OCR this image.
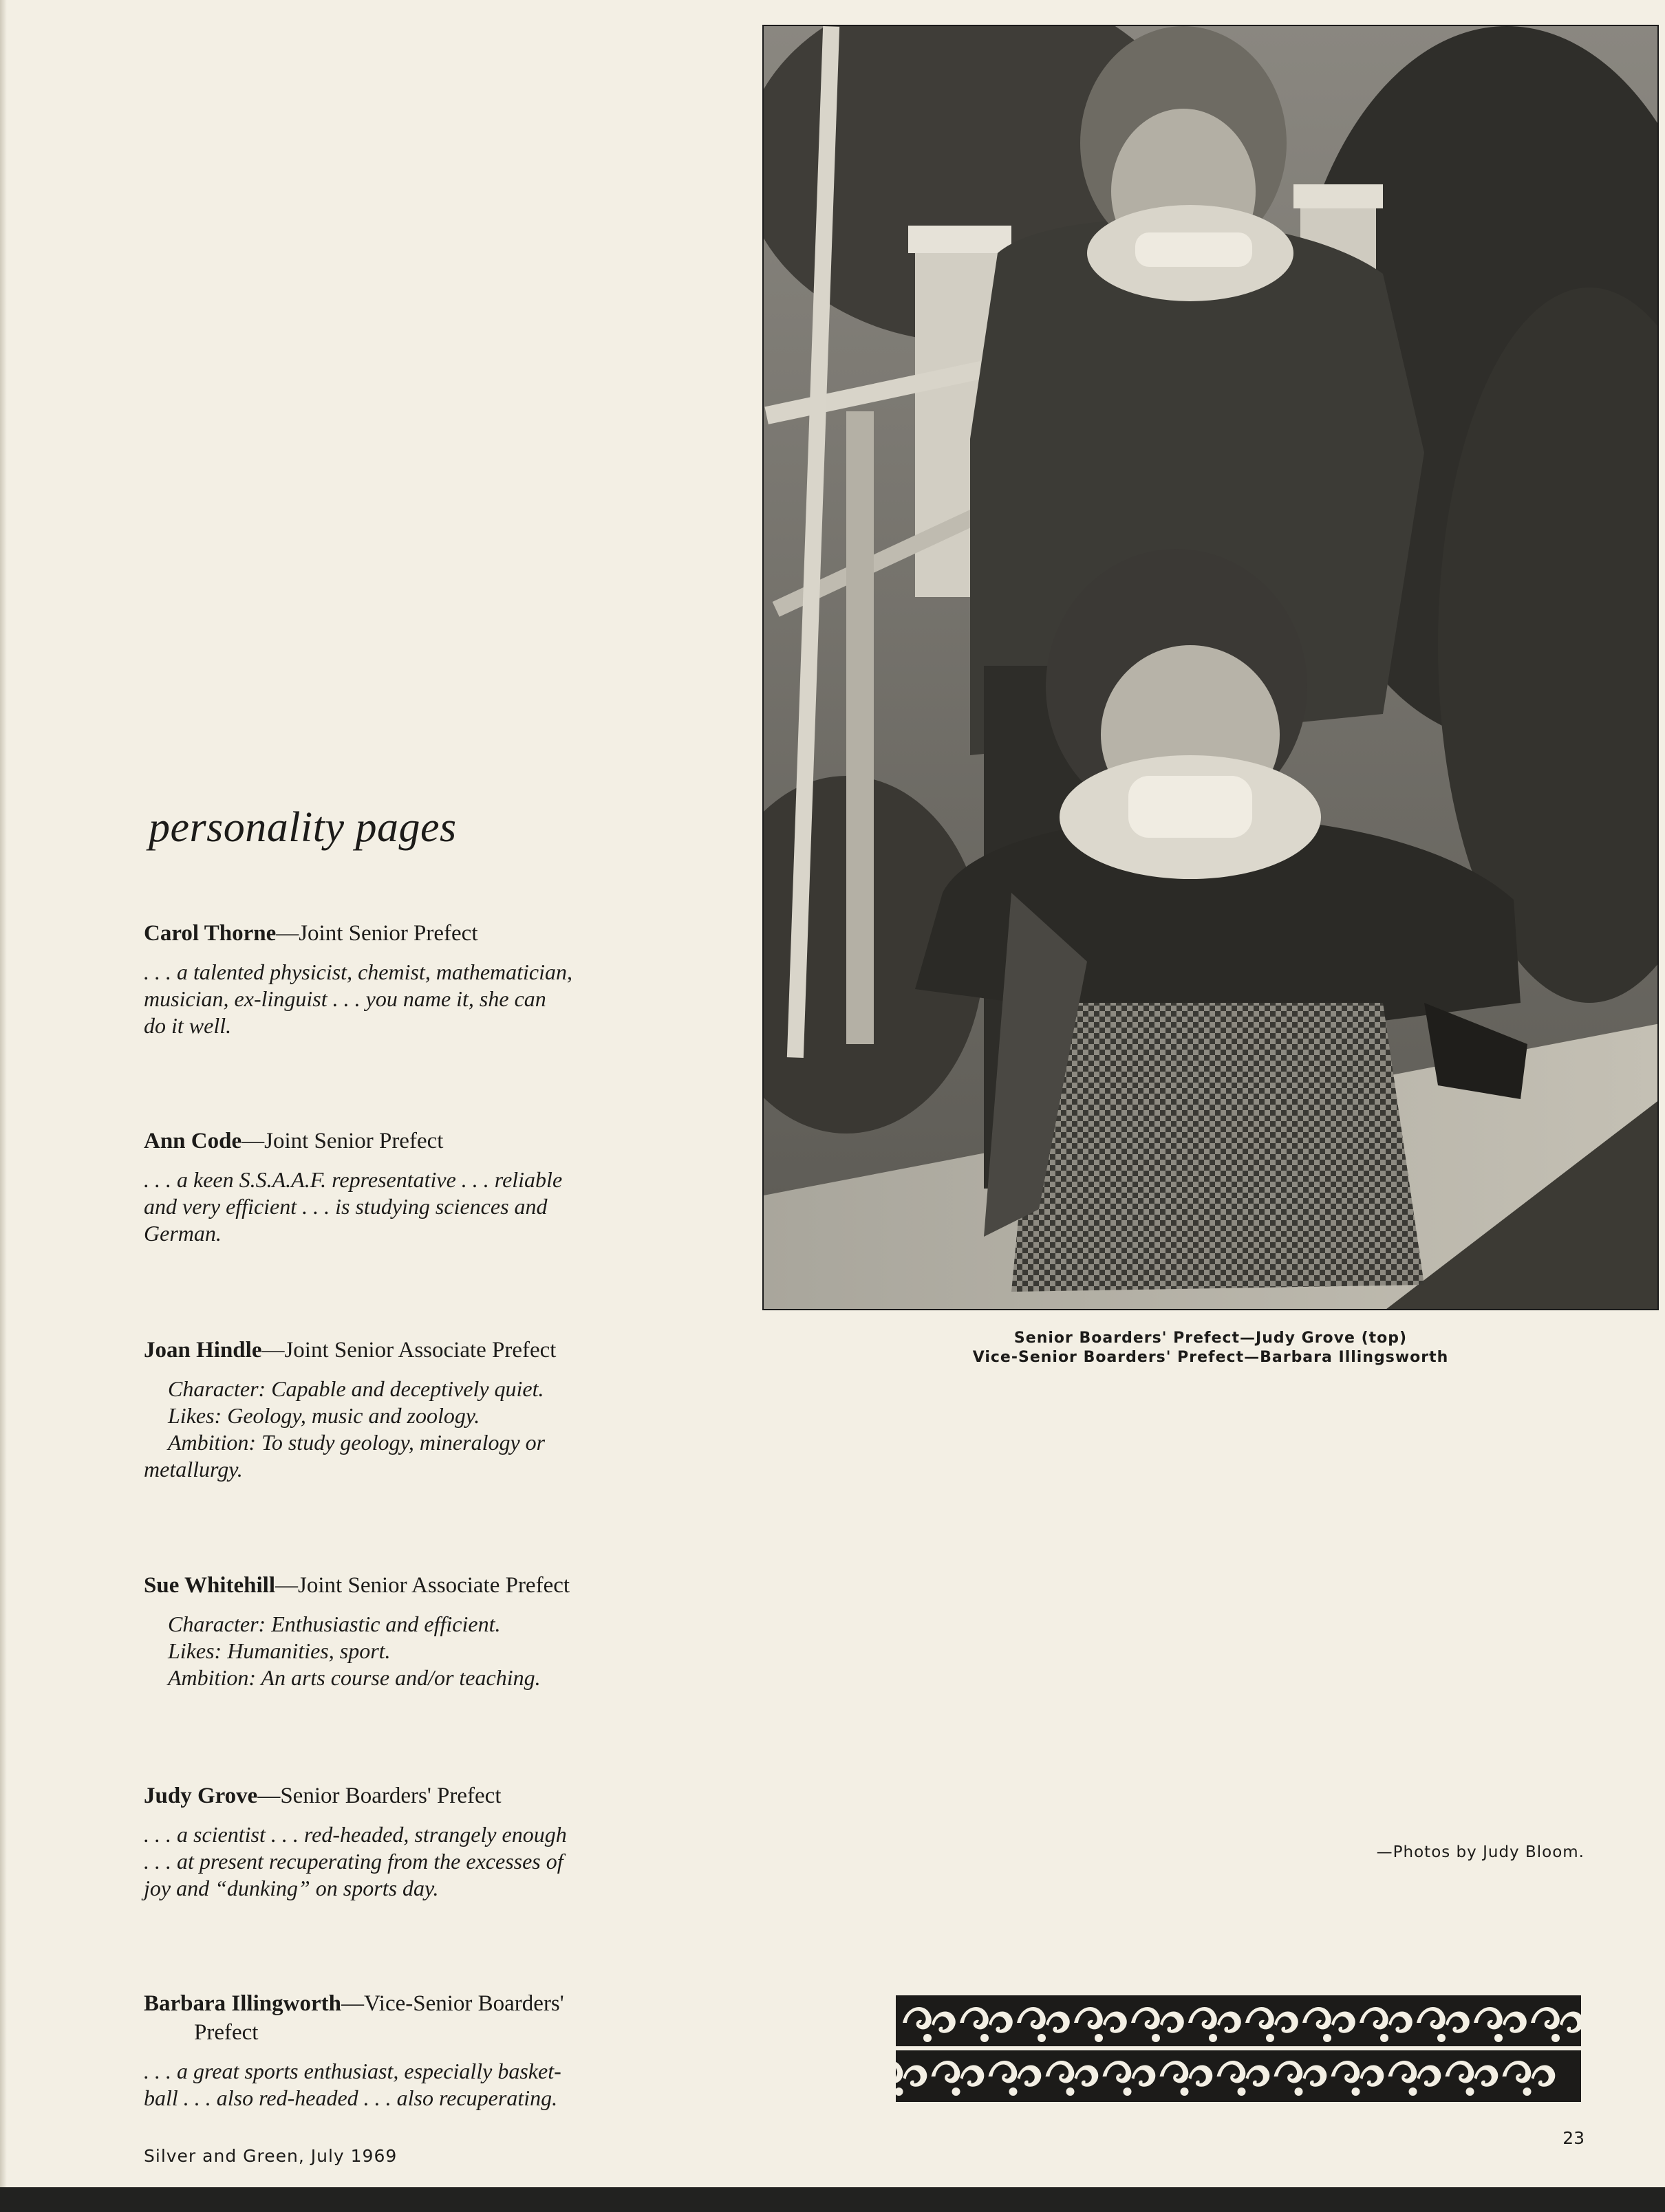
personality pages

Carol Thorne—Joint Senior Prefect

. . . a talented physicist, chemist, mathematician,
musician, ex-linguist . . . you name it, she can
do it well.

Ann Code—Joint Senior Prefect

. . . a keen S.S.A.A.F. representative . . . reliable
and very efficient . . . is studying sciences and
German.

Joan Hindle—Joint Senior Associate Prefect

Character: Capable and deceptively quiet.
Likes: Geology, music and zoology.
Ambition: To study geology, mineralogy or
metallurgy.

Sue Whitehill—Joint Senior Associate Prefect

Character: Enthusiastic and efficient.
Likes: Humanities, sport.
Ambition: An arts course and/or teaching.

Judy Grove—Senior Boarders' Prefect

. . . a scientist . . . red-headed, strangely enough
. . . at present recuperating from the excesses of
joy and “dunking” on sports day.

Barbara Illingworth—Vice-Senior Boarders'
Prefect

. . . a great sports enthusiast, especially basket-
ball . . . also red-headed . . . also recuperating.

Senior Boarders' Prefect—Judy Grove (top)
Vice-Senior Boarders' Prefect—Barbara Illingsworth
—Photos by Judy Bloom.
Silver and Green, July 1969
23
